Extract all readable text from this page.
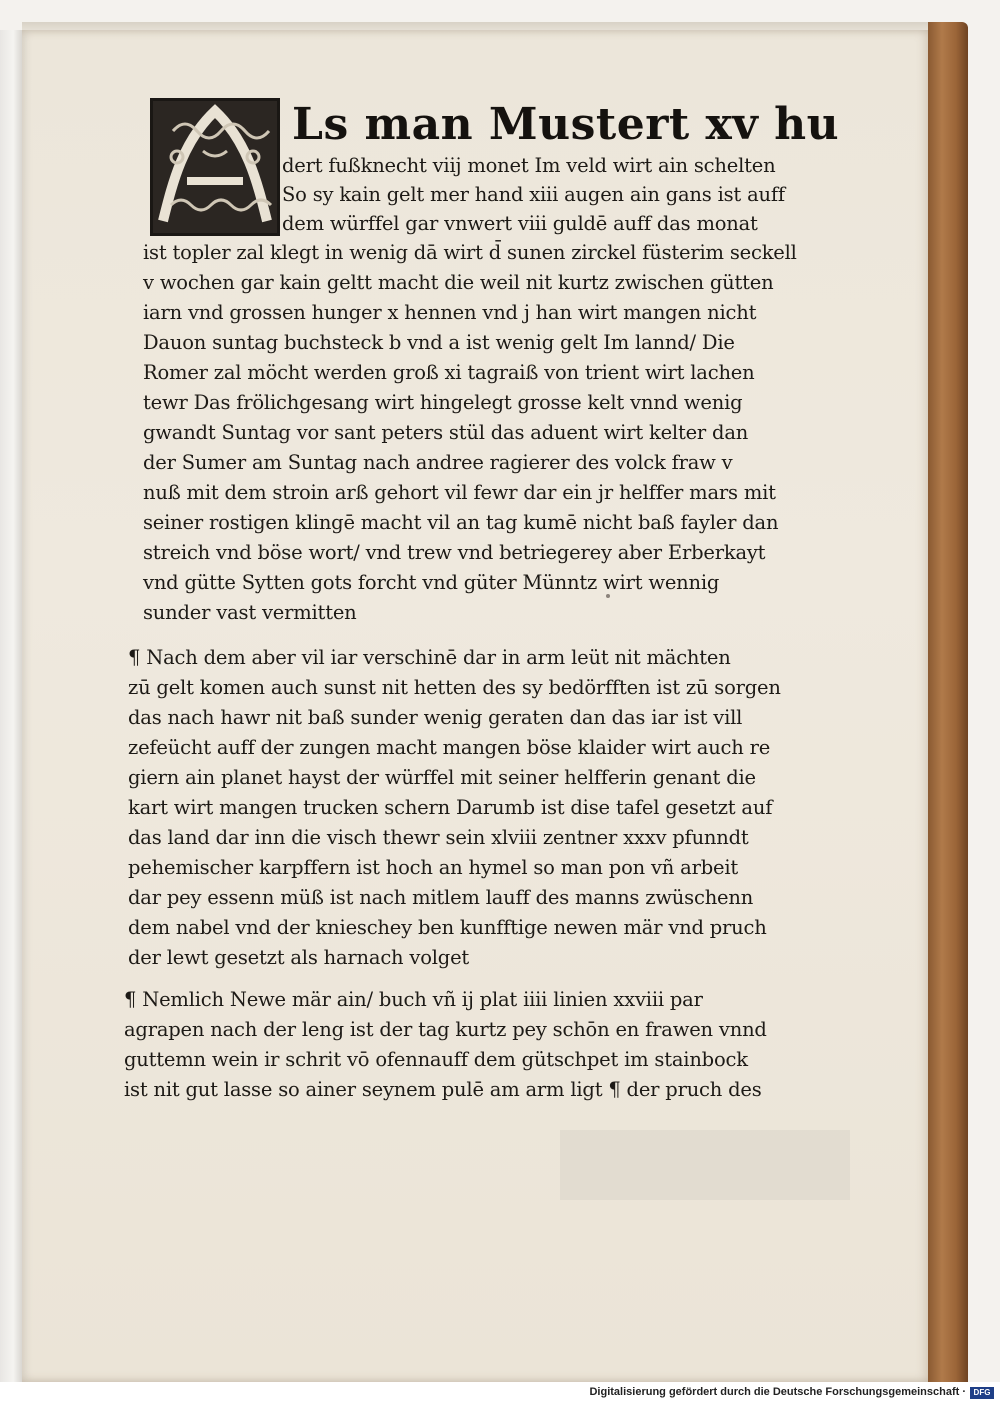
Ls man Mustert xv hu
dert fußknecht viij monet Im veld wirt ain schelten
So sy kain gelt mer hand xiii augen ain gans ist auff
dem würffel gar vnwert viii guldē auff das monat
ist topler zal klegt in wenig dā wirt d̄ sunen zirckel füsterim seckell
v wochen gar kain geltt macht die weil nit kurtz zwischen gütten
iarn vnd grossen hunger x hennen vnd j han wirt mangen nicht
Dauon suntag buchsteck b vnd a ist wenig gelt Im lannd/ Die
Romer zal möcht werden groß xi tagraiß von trient wirt lachen
tewr Das frölichgesang wirt hingelegt grosse kelt vnnd wenig
gwandt Suntag vor sant peters stül das aduent wirt kelter dan
der Sumer am Suntag nach andree ragierer des volck fraw v
nuß mit dem stroin arß gehort vil fewr dar ein jr helffer mars mit
seiner rostigen klingē macht vil an tag kumē nicht baß fayler dan
streich vnd böse wort/ vnd trew vnd betriegerey aber Erberkayt
vnd gütte Sytten gots forcht vnd güter Münntz wirt wennig
sunder vast vermitten
¶ Nach dem aber vil iar verschinē dar in arm leüt nit mächten
zū gelt komen auch sunst nit hetten des sy bedörfften ist zū sorgen
das nach hawr nit baß sunder wenig geraten dan das iar ist vill
zefeücht auff der zungen macht mangen böse klaider wirt auch re
giern ain planet hayst der würffel mit seiner helfferin genant die
kart wirt mangen trucken schern Darumb ist dise tafel gesetzt auf
das land dar inn die visch thewr sein xlviii zentner xxxv pfunndt
pehemischer karpffern ist hoch an hymel so man pon vñ arbeit
dar pey essenn müß ist nach mitlem lauff des manns zwüschenn
dem nabel vnd der knieschey ben kunfftige newen mär vnd pruch
der lewt gesetzt als harnach volget
¶ Nemlich Newe mär ain/ buch vñ ij plat iiii linien xxviii par
agrapen nach der leng ist der tag kurtz pey schōn en frawen vnnd
guttemn wein ir schrit vō ofennauff dem gütschpet im stainbock
ist nit gut lasse so ainer seynem pulē am arm ligt ¶ der pruch des
Digitalisierung gefördert durch die Deutsche Forschungsgemeinschaft · DFG
